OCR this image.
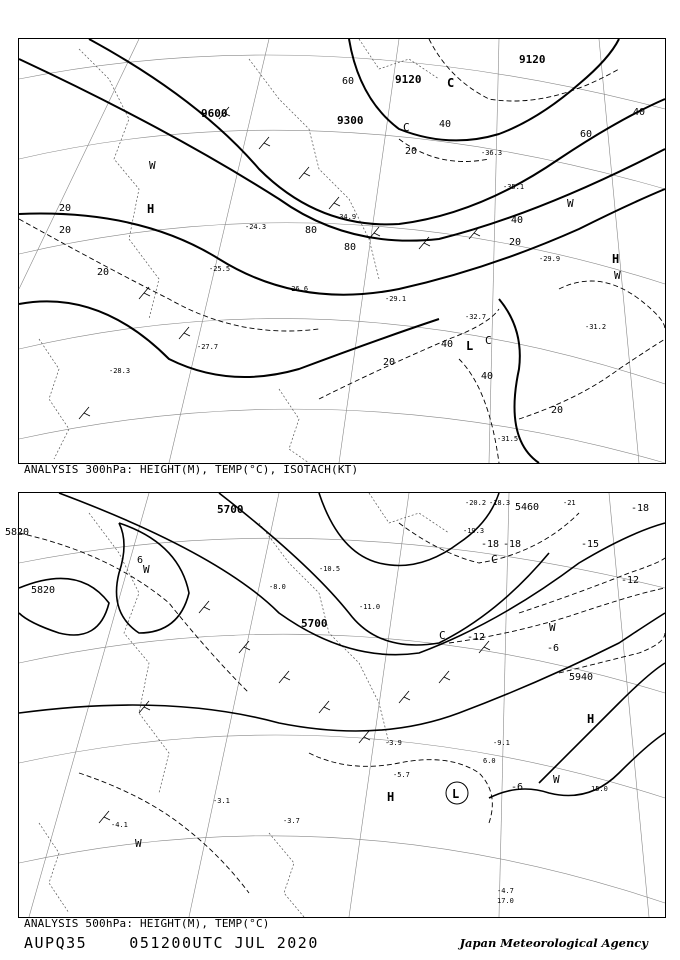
9120
9120
9300
9600
20
20
40
60
80
20
40
20
20
40
40
20
20
40
60
80
H
C
L
H
W
W
W
C
C
-29.9
-31.5
-32.7
-31.2
-27.7
-29.1
-28.3
-36.3
-35.1
-34.9
-26.6
-25.5
-24.3
ANALYSIS 300hPa: HEIGHT(M), TEMP(°C), ISOTACH(KT)
5700
5700
5820
5940
5460
5820
-18
-18	-15
-12
-6
-6
-12
-18
6
H
H	L
W
W
W
W
C
C
-20.2 -18.3	-21
-19.3
-10.5
-9.1
-5.7
-4.7
15.0
17.0
6.0
-3.9
-3.1
-3.7
-4.1
-8.0
-11.0
ANALYSIS 500hPa: HEIGHT(M), TEMP(°C)
AUPQ35    051200UTC JUL 2020	Japan Meteorological Agency
